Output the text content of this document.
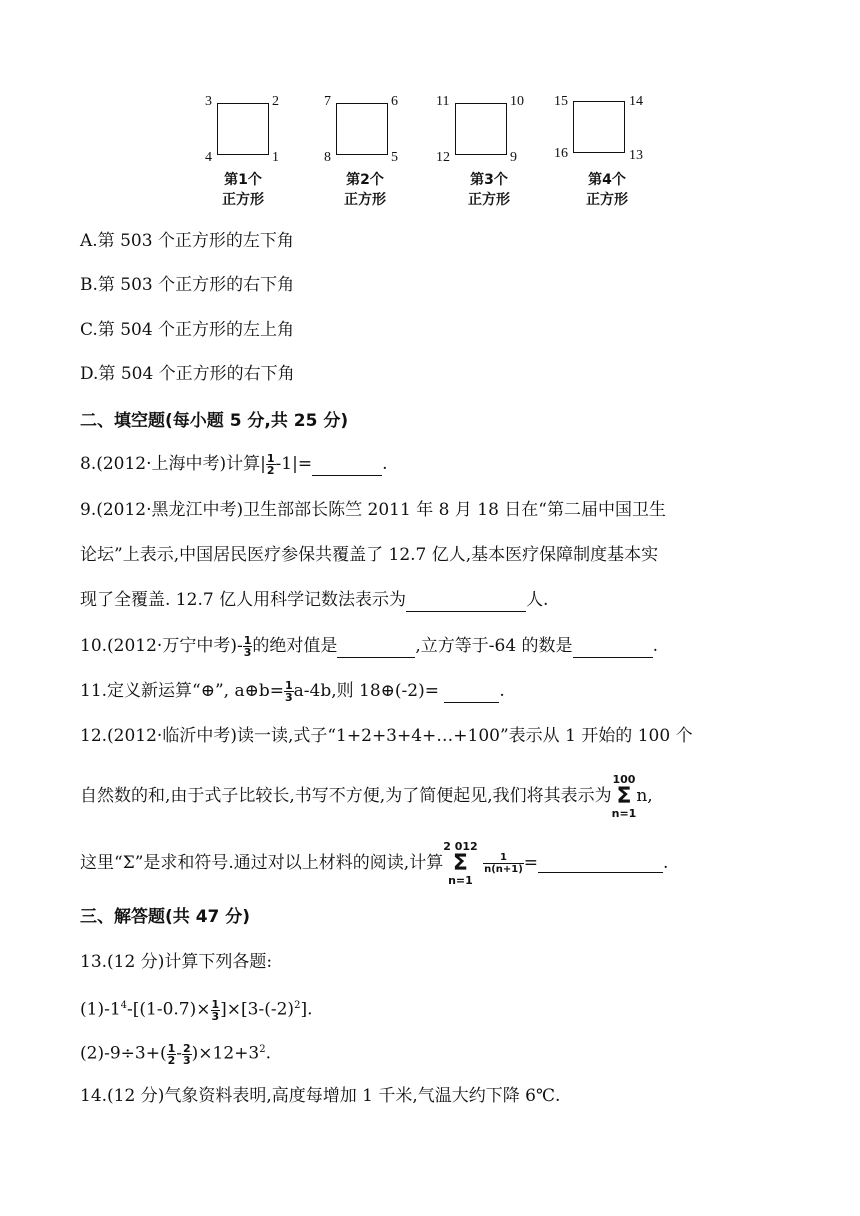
3	2
4	1
第1个
正方形
7	6
8	5
第2个
正方形
11	10
12	9
第3个
正方形
15	14
16	13
第4个
正方形
A.第 503 个正方形的左下角
B.第 503 个正方形的右下角
C.第 504 个正方形的左上角
D.第 504 个正方形的右下角
二、填空题(每小题 5 分,共 25 分)
8.(2012·上海中考)计算| $\frac{1}{2} -1|=$	.
9.(2012·黑龙江中考)卫生部部长陈竺 2011 年 8 月 18 日在“第二届中国卫生
论坛”上表示,中国居民医疗参保共覆盖了 12.7 亿人,基本医疗保障制度基本实
现了全覆盖. 12.7 亿人用科学记数法表示为	人.
10.(2012·万宁中考)- $\frac{1}{3}$ 的绝对值是	,立方等于-64 的数是	.
11.定义新运算“⊕”, a⊕b= $\frac{1}{3} a-4b$,则 18⊕(-2)=	.
12.(2012·临沂中考)读一读,式子“1+2+3+4+…+100”表示从 1 开始的 100 个
自然数的和,由于式子比较长,书写不方便,为了简便起见,我们将其表示为
100
Σ
n=1
n,
这里“Σ”是求和符号.通过对以上材料的阅读,计算
2 012
Σ
n=1

$\frac{1}{n(n+1)}$ =	.
三、解答题(共 47 分)
13.(12 分)计算下列各题:
$(1)-1^4-[(1-0.7)\times \frac{1}{3} ]\times[3-(-2)^2]$.
$(2)-9\div 3+( \frac{1}{2} - \frac{2}{3} )\times 12+3^2$.
14.(12 分)气象资料表明,高度每增加 1 千米,气温大约下降 6℃.
